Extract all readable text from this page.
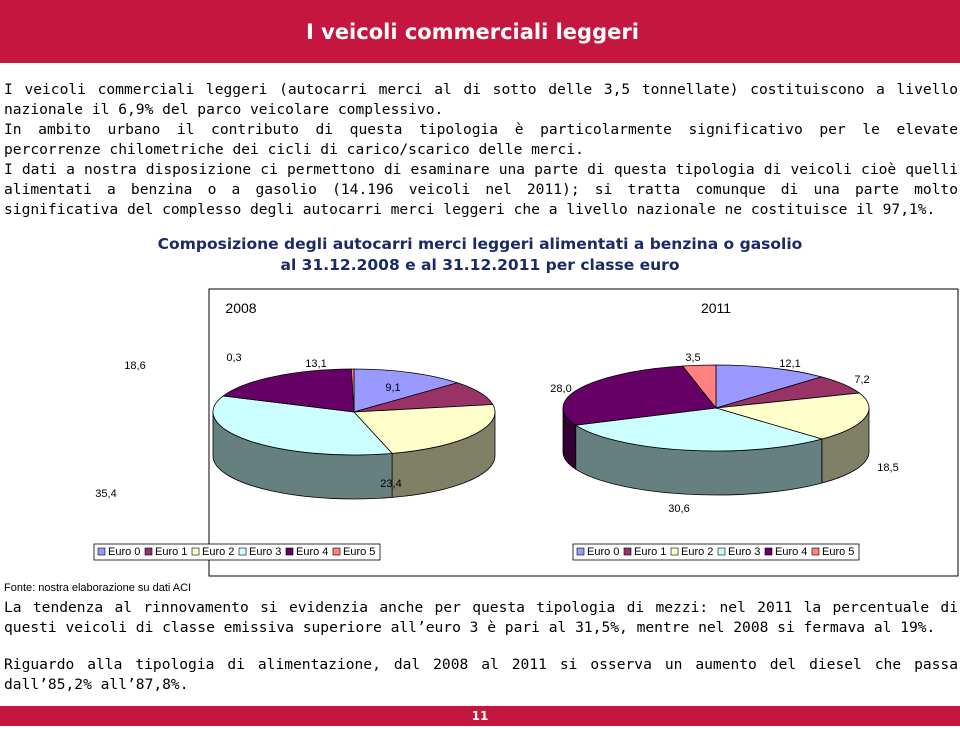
I veicoli commerciali leggeri

I veicoli commerciali leggeri (autocarri merci al di sotto delle 3,5 tonnellate) costituiscono a livello nazionale il 6,9% del parco veicolare complessivo.

In ambito urbano il contributo di questa tipologia è particolarmente significativo per le elevate percorrenze chilometriche dei cicli di carico/scarico delle merci.

I dati a nostra disposizione ci permettono di esaminare una parte di questa tipologia di veicoli cioè quelli alimentati a benzina o a gasolio (14.196 veicoli nel 2011); si tratta comunque di una parte molto significativa del complesso degli autocarri merci leggeri che a livello nazionale ne costituisce il 97,1%.

Composizione degli autocarri merci leggeri alimentati a benzina o gasolio
al 31.12.2008 e al 31.12.2011 per classe euro
2008
13,1
9,1
23,4
35,4
18,6
0,3
Euro 0 Euro 1 Euro 2 Euro 3 Euro 4 Euro 5
2011
12,1
7,2
18,5
30,6
28,0
3,5
Euro 0 Euro 1 Euro 2 Euro 3 Euro 4 Euro 5
Fonte: nostra elaborazione su dati ACI

La tendenza al rinnovamento si evidenzia anche per questa tipologia di mezzi: nel 2011 la percentuale di questi veicoli di classe emissiva superiore all’euro 3 è pari al 31,5%, mentre nel 2008 si fermava al 19%.

Riguardo alla tipologia di alimentazione, dal 2008 al 2011 si osserva un aumento del diesel che passa dall’85,2% all’87,8%.

11
